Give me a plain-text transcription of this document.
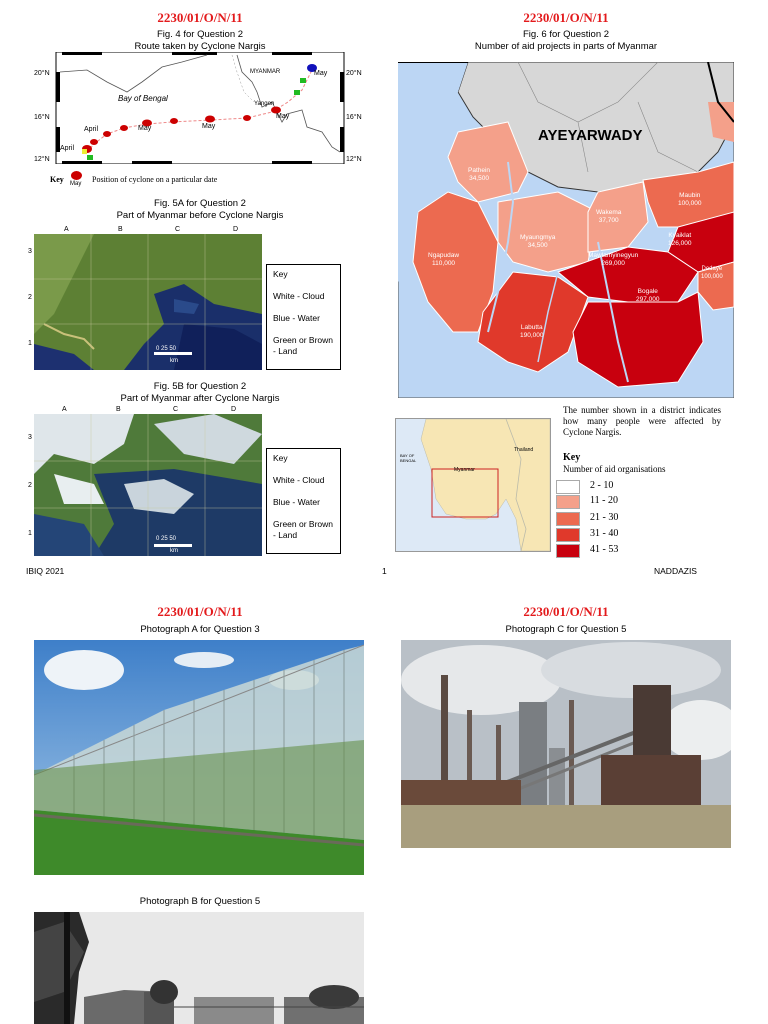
2230/01/O/N/11	2230/01/O/N/11
Fig. 4 for Question 2
Route taken by Cyclone Nargis
20°N
16°N
12°N
20°N
16°N
12°N
Bay of Bengal
MYANMAR
Yangon
April
April
May	May
May
May
Key May Position of cyclone on a particular date
Fig. 5A for Question 2
Part of Myanmar before Cyclone Nargis
A	B	C	D
3
2
1
0 25 50
km
Key
White - Cloud
Blue - Water
Green or Brown - Land
Fig. 5B for Question 2
Part of Myanmar after Cyclone Nargis
A	B	C	D
3
2
1
0 25 50
km
Key
White - Cloud
Blue - Water
Green or Brown - Land
Fig. 6 for Question 2
Number of aid projects in parts of Myanmar
AYEYARWADY
Pathein
34,500
Ngapudaw
110,000
Myaungmya
34,500
Wakema
37,700
Maubin
100,000
Kyaiklat
126,000
Mawlamyinegyun
269,000
Labutta
190,000
Bogale
297,000
Dedaye
100,000
Thailand
Myanmar
BAY OF BENGAL
The number shown in a district indicates how many people were affected by Cyclone Nargis.
Key
Number of aid organisations
2 - 10
11 - 20
21 - 30
31 - 40
41 - 53
IBIQ 2021	1	NADDAZIS
2230/01/O/N/11	2230/01/O/N/11
Photograph A for Question 3	Photograph C for Question 5
Photograph B for Question 5
